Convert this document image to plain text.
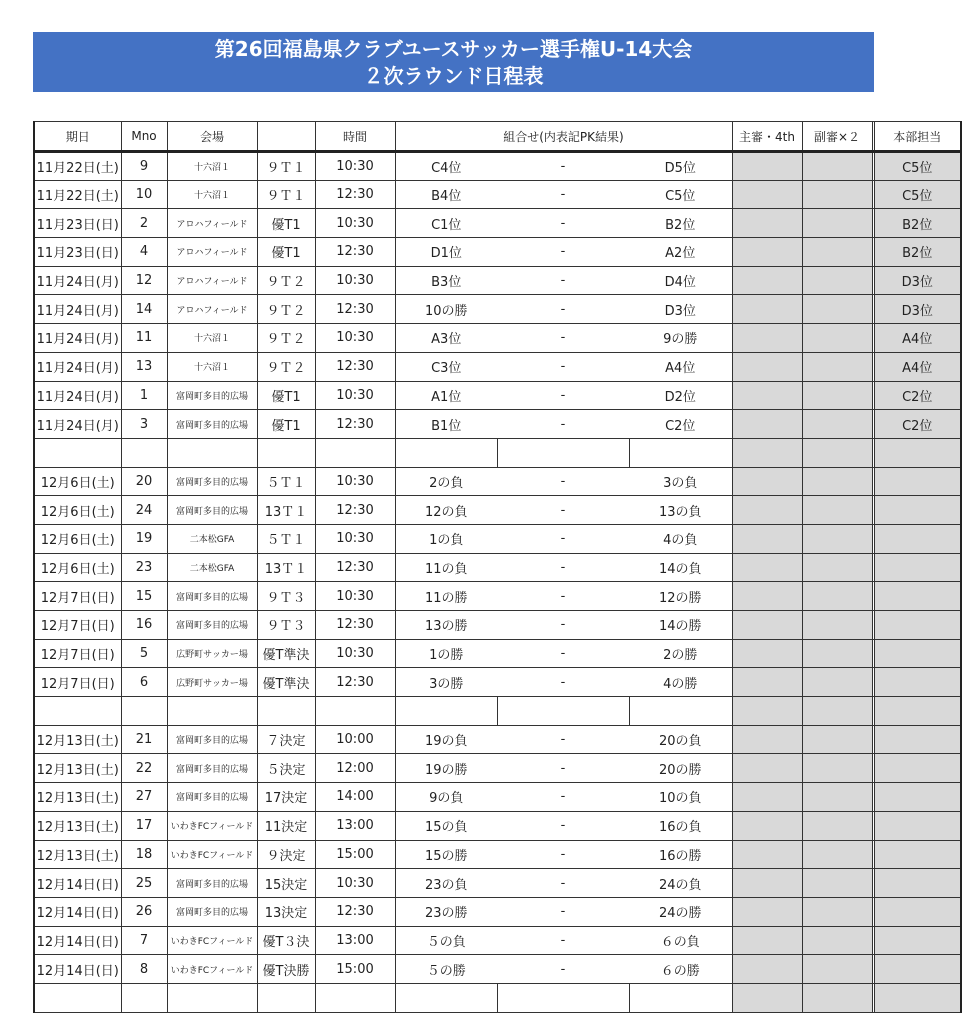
第26回福島県クラブユースサッカー選手権U-14大会
２次ラウンド日程表
期日	Mno	会場		時間	組合せ(内表記PK結果)			主審・4th	副審×２		本部担当
11月22日(土)	9	十六沼１	９Ｔ１	10:30	C4位	-	D5位				C5位
11月22日(土)	10	十六沼１	９Ｔ１	12:30	B4位	-	C5位				C5位
11月23日(日)	2	アロハフィールド	優T1	10:30	C1位	-	B2位				B2位
11月23日(日)	4	アロハフィールド	優T1	12:30	D1位	-	A2位				B2位
11月24日(月)	12	アロハフィールド	９Ｔ２	10:30	B3位	-	D4位				D3位
11月24日(月)	14	アロハフィールド	９Ｔ２	12:30	10の勝	-	D3位				D3位
11月24日(月)	11	十六沼１	９Ｔ２	10:30	A3位	-	9の勝				A4位
11月24日(月)	13	十六沼１	９Ｔ２	12:30	C3位	-	A4位				A4位
11月24日(月)	1	富岡町多目的広場	優T1	10:30	A1位	-	D2位				C2位
11月24日(月)	3	富岡町多目的広場	優T1	12:30	B1位	-	C2位				C2位

12月6日(土)	20	富岡町多目的広場	５Ｔ１	10:30	2の負	-	3の負				
12月6日(土)	24	富岡町多目的広場	13Ｔ１	12:30	12の負	-	13の負				
12月6日(土)	19	二本松GFA	５Ｔ１	10:30	1の負	-	4の負				
12月6日(土)	23	二本松GFA	13Ｔ１	12:30	11の負	-	14の負				
12月7日(日)	15	富岡町多目的広場	９Ｔ３	10:30	11の勝	-	12の勝				
12月7日(日)	16	富岡町多目的広場	９Ｔ３	12:30	13の勝	-	14の勝				
12月7日(日)	5	広野町サッカー場	優T準決	10:30	1の勝	-	2の勝				
12月7日(日)	6	広野町サッカー場	優T準決	12:30	3の勝	-	4の勝				

12月13日(土)	21	富岡町多目的広場	７決定	10:00	19の負	-	20の負				
12月13日(土)	22	富岡町多目的広場	５決定	12:00	19の勝	-	20の勝				
12月13日(土)	27	富岡町多目的広場	17決定	14:00	9の負	-	10の負				
12月13日(土)	17	いわきFCフィールド	11決定	13:00	15の負	-	16の負				
12月13日(土)	18	いわきFCフィールド	９決定	15:00	15の勝	-	16の勝				
12月14日(日)	25	富岡町多目的広場	15決定	10:30	23の負	-	24の負				
12月14日(日)	26	富岡町多目的広場	13決定	12:30	23の勝	-	24の勝				
12月14日(日)	7	いわきFCフィールド	優T３決	13:00	５の負	-	６の負				
12月14日(日)	8	いわきFCフィールド	優T決勝	15:00	５の勝	-	６の勝				
